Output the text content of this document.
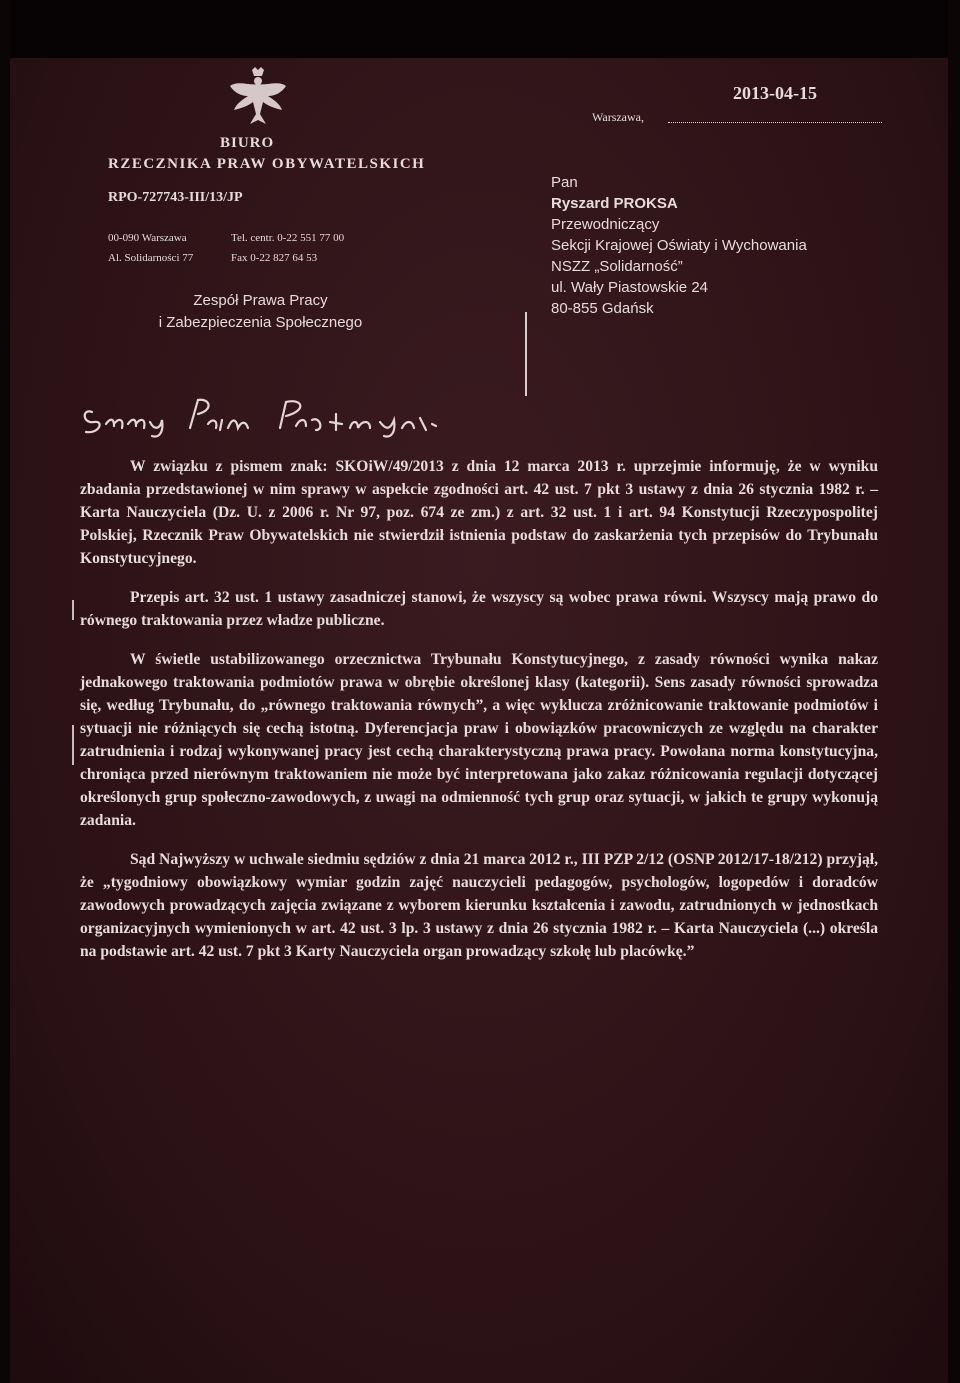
BIURO
RZECZNIKA PRAW OBYWATELSKICH
RPO-727743-III/13/JP
00-090 Warszawa	Tel. centr. 0-22 551 77 00
Al. Solidarności 77	Fax 0-22 827 64 53
Zespół Prawa Pracy
i Zabezpieczenia Społecznego
2013-04-15
Warszawa,
Pan
Ryszard PROKSA
Przewodniczący
Sekcji Krajowej Oświaty i Wychowania
NSZZ „Solidarność”
ul. Wały Piastowskie 24
80-855 Gdańsk

W związku z pismem znak: SKOiW/49/2013 z dnia 12 marca 2013 r. uprzejmie informuję, że w wyniku zbadania przedstawionej w nim sprawy w aspekcie zgodności art. 42 ust. 7 pkt 3 ustawy z dnia 26 stycznia 1982 r. – Karta Nauczyciela (Dz. U. z 2006 r. Nr 97, poz. 674 ze zm.) z art. 32 ust. 1 i art. 94 Konstytucji Rzeczypospolitej Polskiej, Rzecznik Praw Obywatelskich nie stwierdził istnienia podstaw do zaskarżenia tych przepisów do Trybunału Konstytucyjnego.

Przepis art. 32 ust. 1 ustawy zasadniczej stanowi, że wszyscy są wobec prawa równi. Wszyscy mają prawo do równego traktowania przez władze publiczne.

W świetle ustabilizowanego orzecznictwa Trybunału Konstytucyjnego, z zasady równości wynika nakaz jednakowego traktowania podmiotów prawa w obrębie określonej klasy (kategorii). Sens zasady równości sprowadza się, według Trybunału, do „równego traktowania równych”, a więc wyklucza zróżnicowanie traktowanie podmiotów i sytuacji nie różniących się cechą istotną. Dyferencjacja praw i obowiązków pracowniczych ze względu na charakter zatrudnienia i rodzaj wykonywanej pracy jest cechą charakterystyczną prawa pracy. Powołana norma konstytucyjna, chroniąca przed nierównym traktowaniem nie może być interpretowana jako zakaz różnicowania regulacji dotyczącej określonych grup społeczno-zawodowych, z uwagi na odmienność tych grup oraz sytuacji, w jakich te grupy wykonują zadania.

Sąd Najwyższy w uchwale siedmiu sędziów z dnia 21 marca 2012 r., III PZP 2/12 (OSNP 2012/17-18/212) przyjął, że „tygodniowy obowiązkowy wymiar godzin zajęć nauczycieli pedagogów, psychologów, logopedów i doradców zawodowych prowadzących zajęcia związane z wyborem kierunku kształcenia i zawodu, zatrudnionych w jednostkach organizacyjnych wymienionych w art. 42 ust. 3 lp. 3 ustawy z dnia 26 stycznia 1982 r. – Karta Nauczyciela (...) określa na podstawie art. 42 ust. 7 pkt 3 Karty Nauczyciela organ prowadzący szkołę lub placówkę.”
